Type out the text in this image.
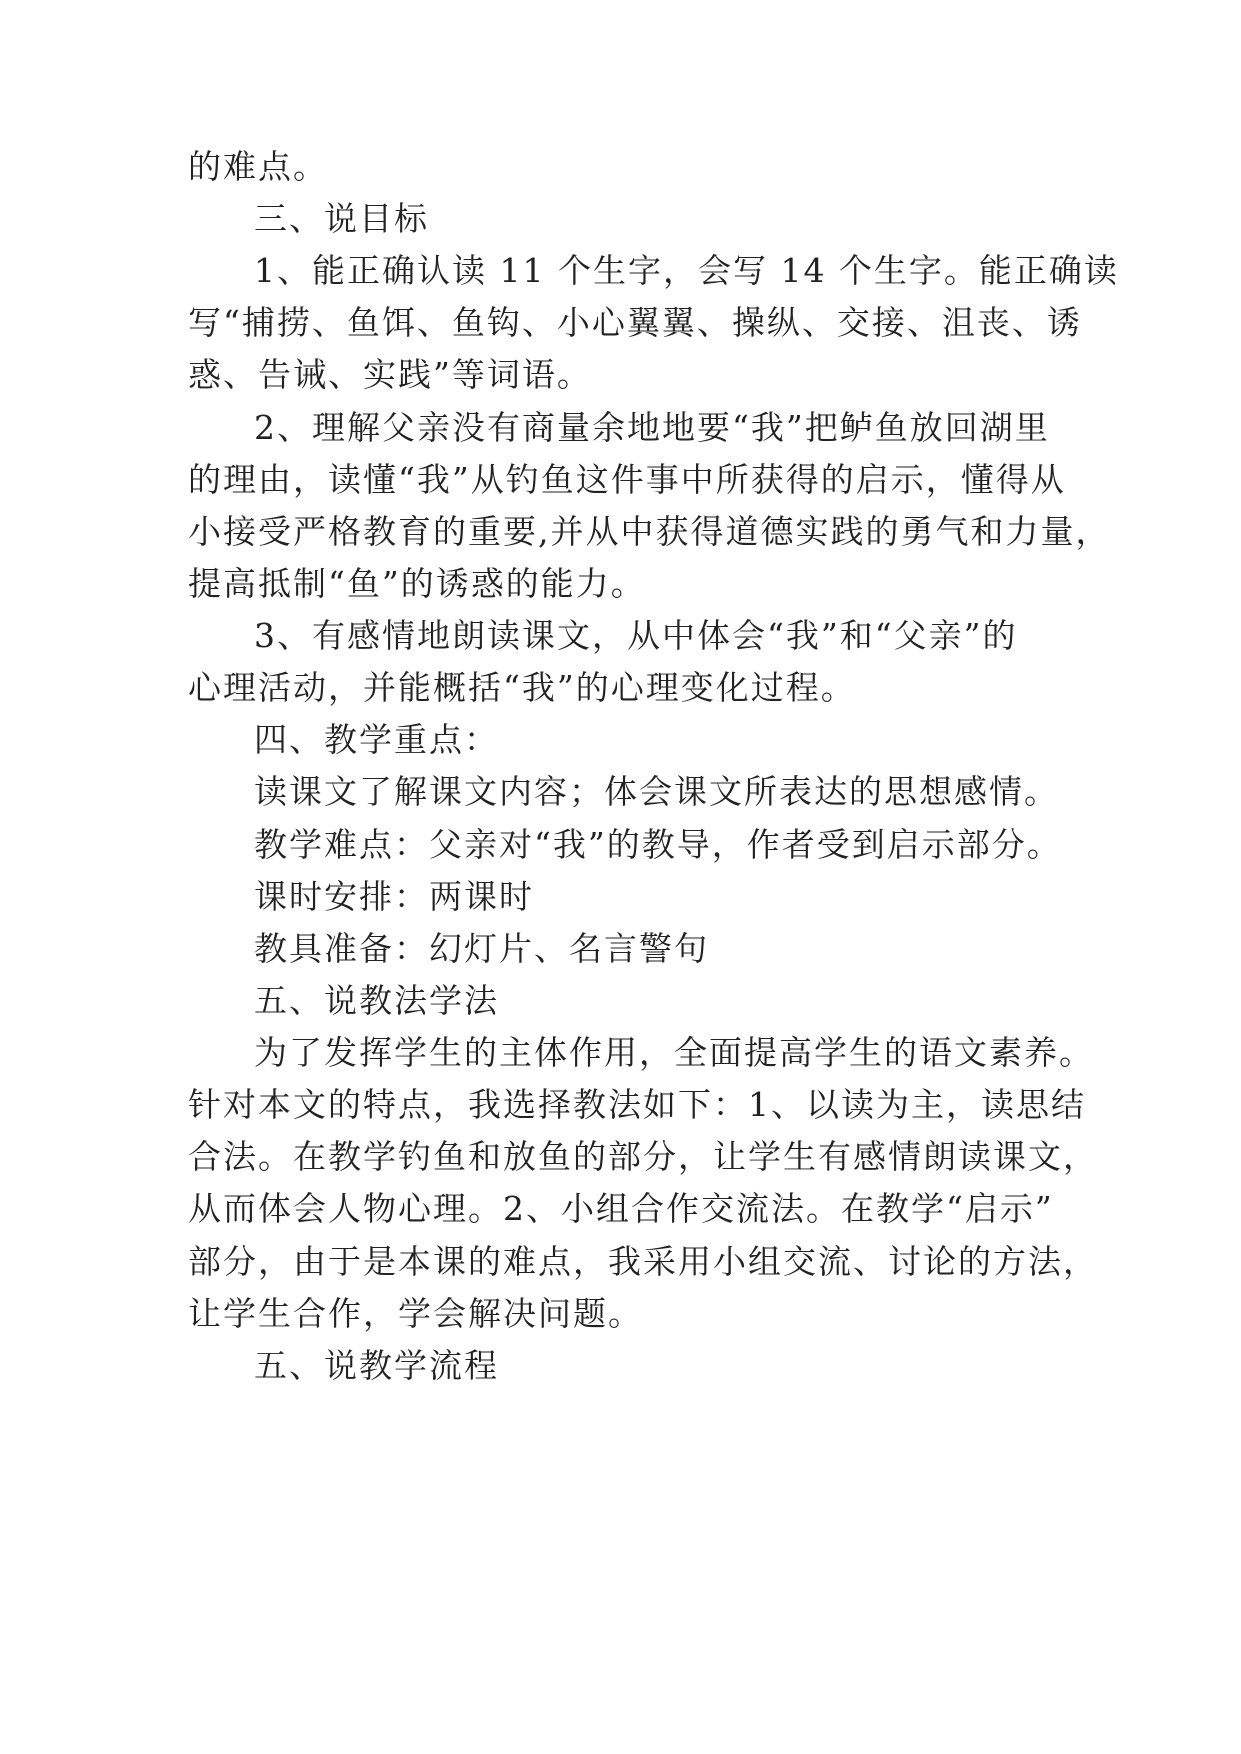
的难点。
三、说目标
1、能正确认读 11 个生字，会写 14 个生字。能正确读
写“捕捞、鱼饵、鱼钩、小心翼翼、操纵、交接、沮丧、诱
惑、告诫、实践”等词语。
2、理解父亲没有商量余地地要“我”把鲈鱼放回湖里
的理由，读懂“我”从钓鱼这件事中所获得的启示，懂得从
小接受严格教育的重要,并从中获得道德实践的勇气和力量，
提高抵制“鱼”的诱惑的能力。
3、有感情地朗读课文，从中体会“我”和“父亲”的
心理活动，并能概括“我”的心理变化过程。
四、教学重点：
读课文了解课文内容；体会课文所表达的思想感情。
教学难点：父亲对“我”的教导，作者受到启示部分。
课时安排：两课时
教具准备：幻灯片、名言警句
五、说教法学法
为了发挥学生的主体作用，全面提高学生的语文素养。
针对本文的特点，我选择教法如下：1、以读为主，读思结
合法。在教学钓鱼和放鱼的部分，让学生有感情朗读课文，
从而体会人物心理。2、小组合作交流法。在教学“启示”
部分，由于是本课的难点，我采用小组交流、讨论的方法，
让学生合作，学会解决问题。
五、说教学流程
